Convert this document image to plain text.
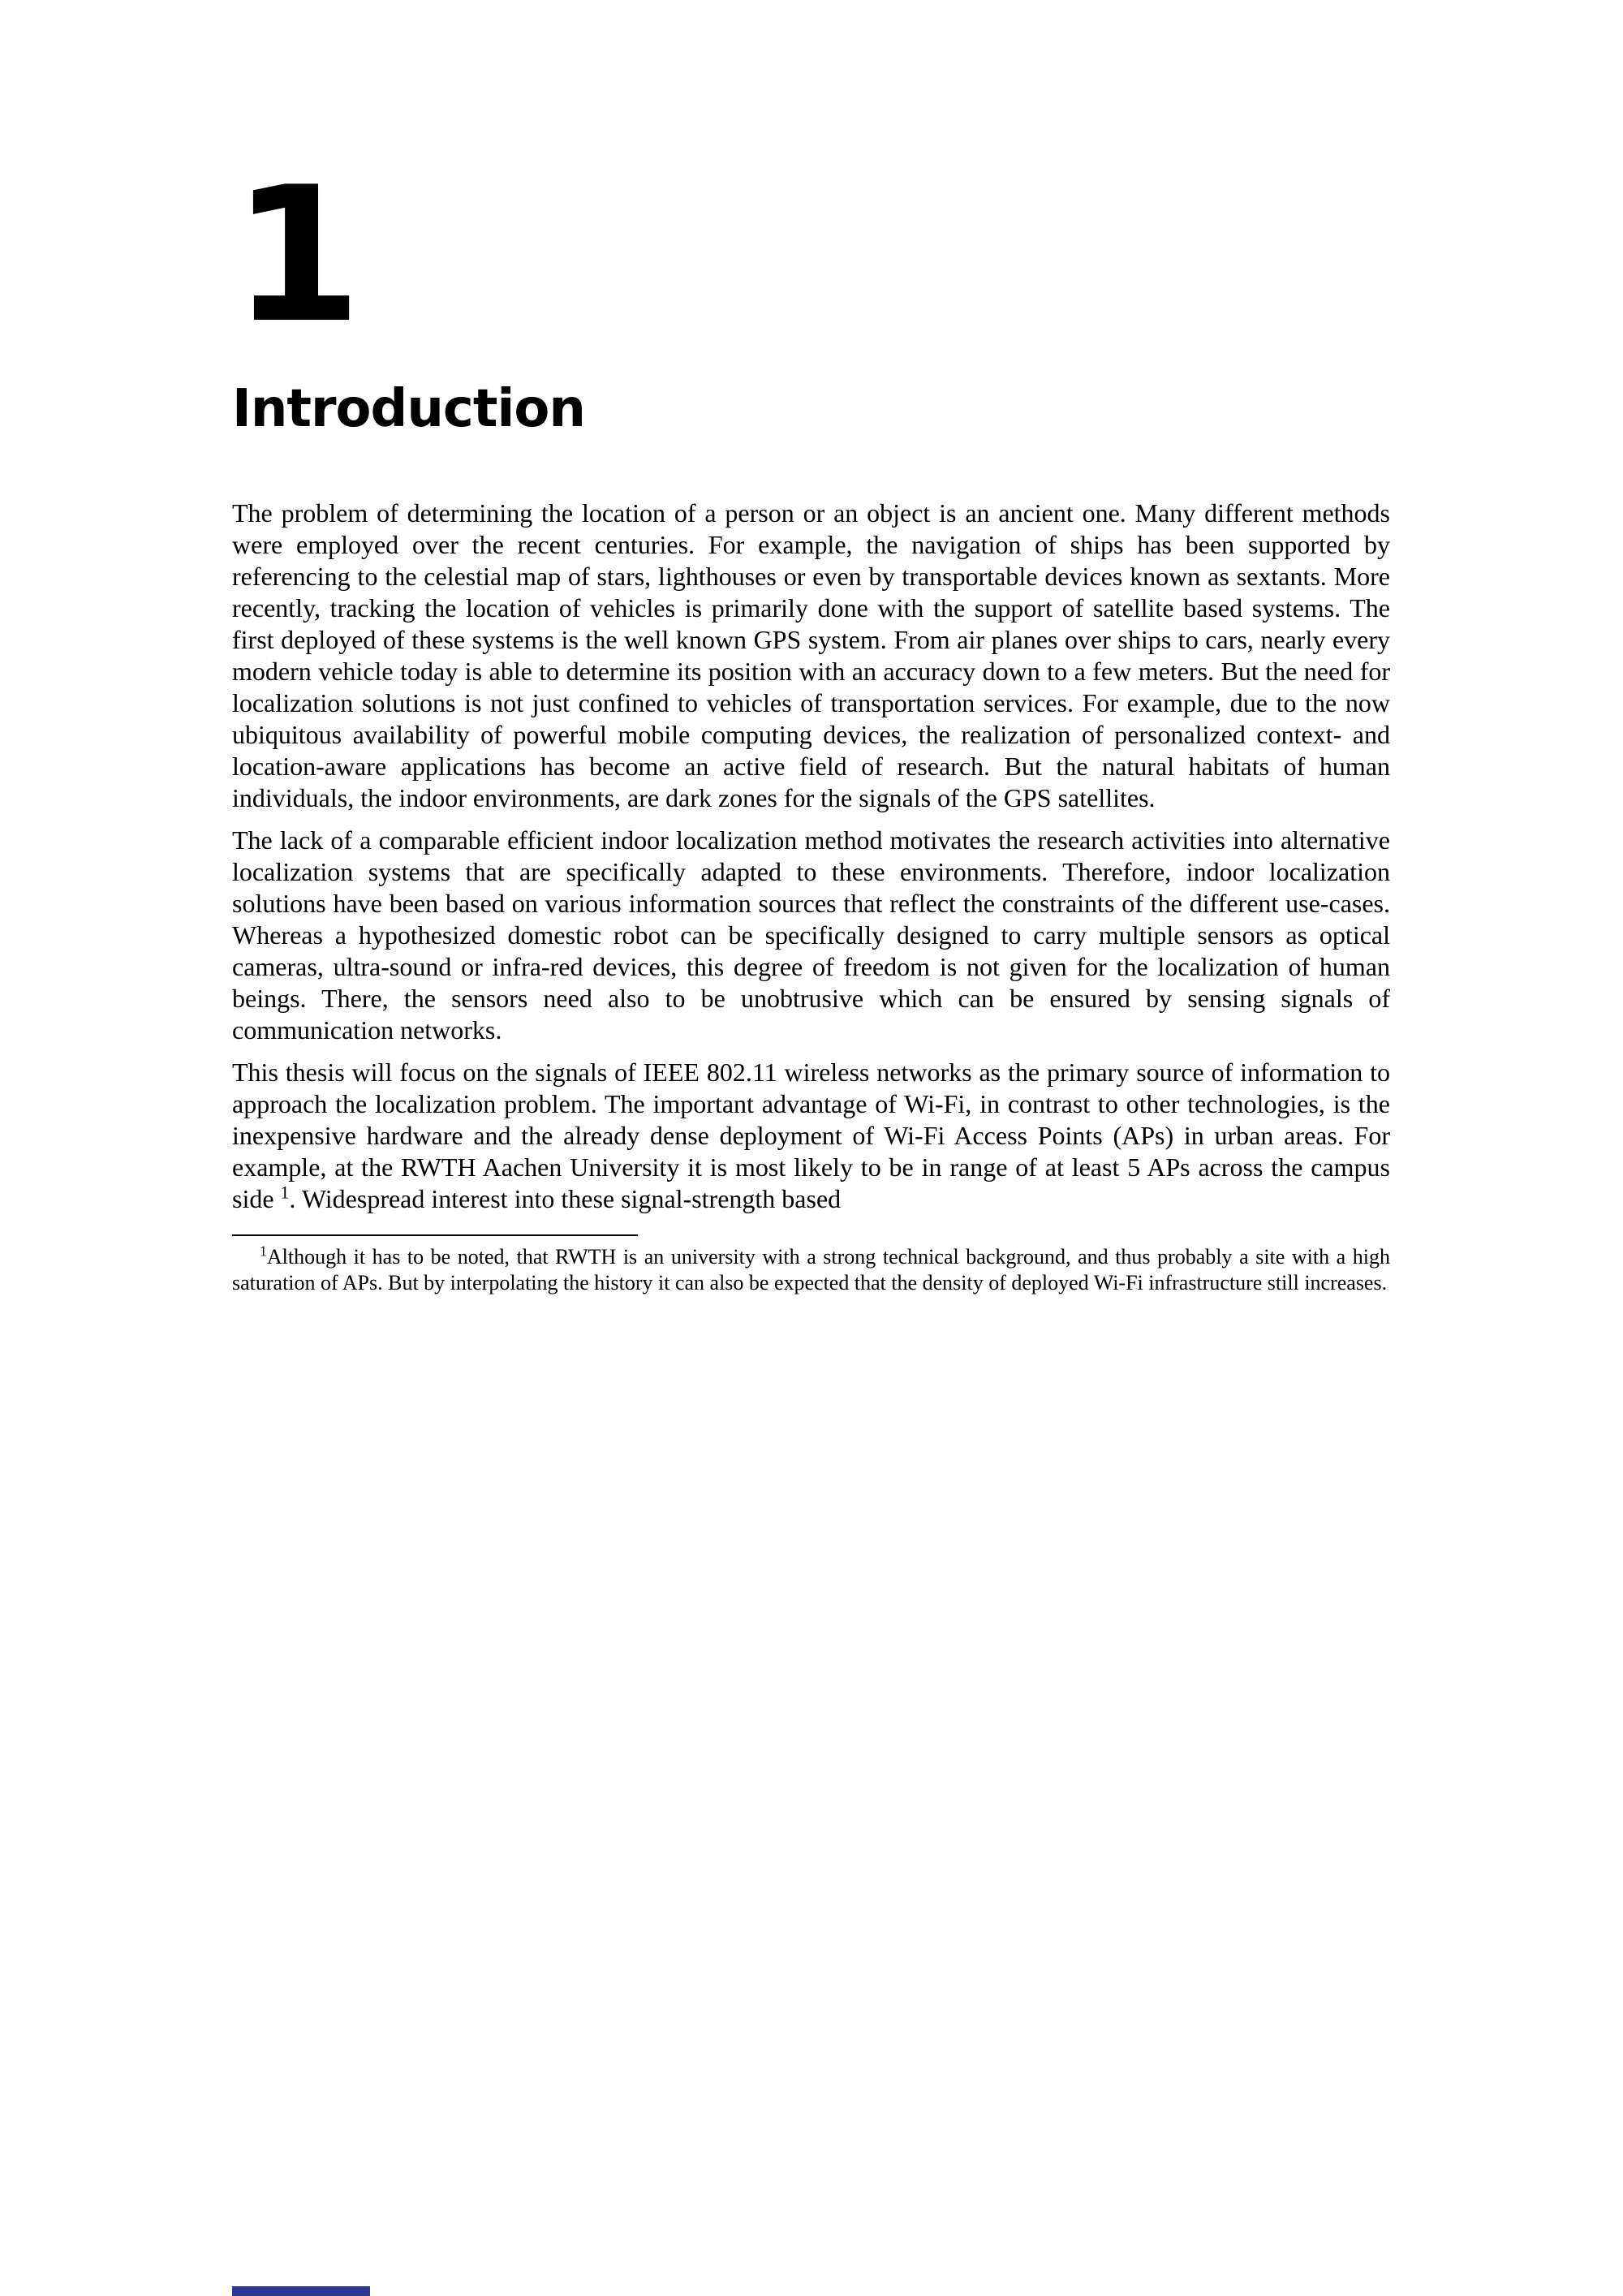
1
Introduction

The problem of determining the location of a person or an object is an ancient one. Many different methods were employed over the recent centuries. For example, the navigation of ships has been supported by referencing to the celestial map of stars, lighthouses or even by transportable devices known as sextants. More recently, tracking the location of vehicles is primarily done with the support of satellite based systems. The first deployed of these systems is the well known GPS system. From air planes over ships to cars, nearly every modern vehicle today is able to determine its position with an accuracy down to a few meters. But the need for localization solutions is not just confined to vehicles of transportation services. For example, due to the now ubiquitous availability of powerful mobile computing devices, the realization of personalized context- and location-aware applications has become an active field of research. But the natural habitats of human individuals, the indoor environments, are dark zones for the signals of the GPS satellites.

The lack of a comparable efficient indoor localization method motivates the research activities into alternative localization systems that are specifically adapted to these environments. Therefore, indoor localization solutions have been based on various information sources that reflect the constraints of the different use-cases. Whereas a hypothesized domestic robot can be specifically designed to carry multiple sensors as optical cameras, ultra-sound or infra-red devices, this degree of freedom is not given for the localization of human beings. There, the sensors need also to be unobtrusive which can be ensured by sensing signals of communication networks.

This thesis will focus on the signals of IEEE 802.11 wireless networks as the primary source of information to approach the localization problem. The important advantage of Wi-Fi, in contrast to other technologies, is the inexpensive hardware and the already dense deployment of Wi-Fi Access Points (APs) in urban areas. For example, at the RWTH Aachen University it is most likely to be in range of at least 5 APs across the campus side $^1$. Widespread interest into these signal-strength based

$^1$Although it has to be noted, that RWTH is an university with a strong technical background, and thus probably a site with a high saturation of APs. But by interpolating the history it can also be expected that the density of deployed Wi-Fi infrastructure still increases.
